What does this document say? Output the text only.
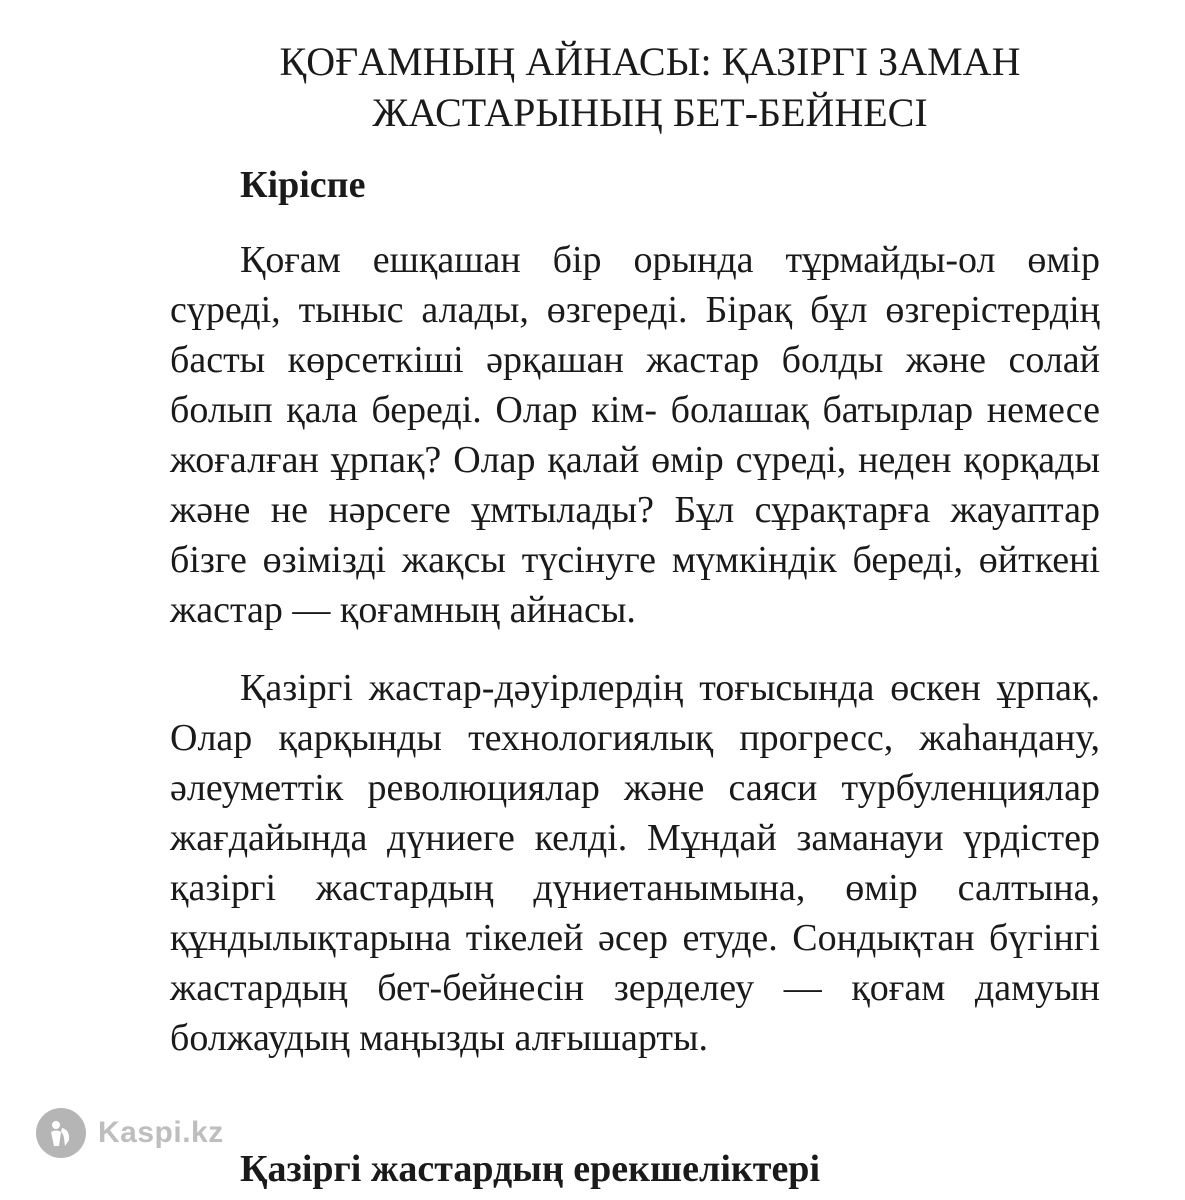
ҚОҒАМНЫҢ АЙНАСЫ: ҚАЗІРГІ ЗАМАН
ЖАСТАРЫНЫҢ БЕТ-БЕЙНЕСІ
Кіріспе

Қоғам ешқашан бір орында тұрмайды-ол өмір сүреді, тыныс алады, өзгереді. Бірақ бұл өзгерістердің басты көрсеткіші әрқашан жастар болды және солай болып қала береді. Олар кім- болашақ батырлар немесе жоғалған ұрпақ? Олар қалай өмір сүреді, неден қорқады және не нәрсеге ұмтылады? Бұл сұрақтарға жауаптар бізге өзімізді жақсы түсінуге мүмкіндік береді, өйткені жастар — қоғамның айнасы.

Қазіргі жастар-дәуірлердің тоғысында өскен ұрпақ. Олар қарқынды технологиялық прогресс, жаһандану, әлеуметтік революциялар және саяси турбуленциялар жағдайында дүниеге келді. Мұндай заманауи үрдістер қазіргі жастардың дүниетанымына, өмір салтына, құндылықтарына тікелей әсер етуде. Сондықтан бүгінгі жастардың бет-бейнесін зерделеу — қоғам дамуын болжаудың маңызды алғышарты.

Қазіргі жастардың ерекшеліктері
Kaspi.kz
